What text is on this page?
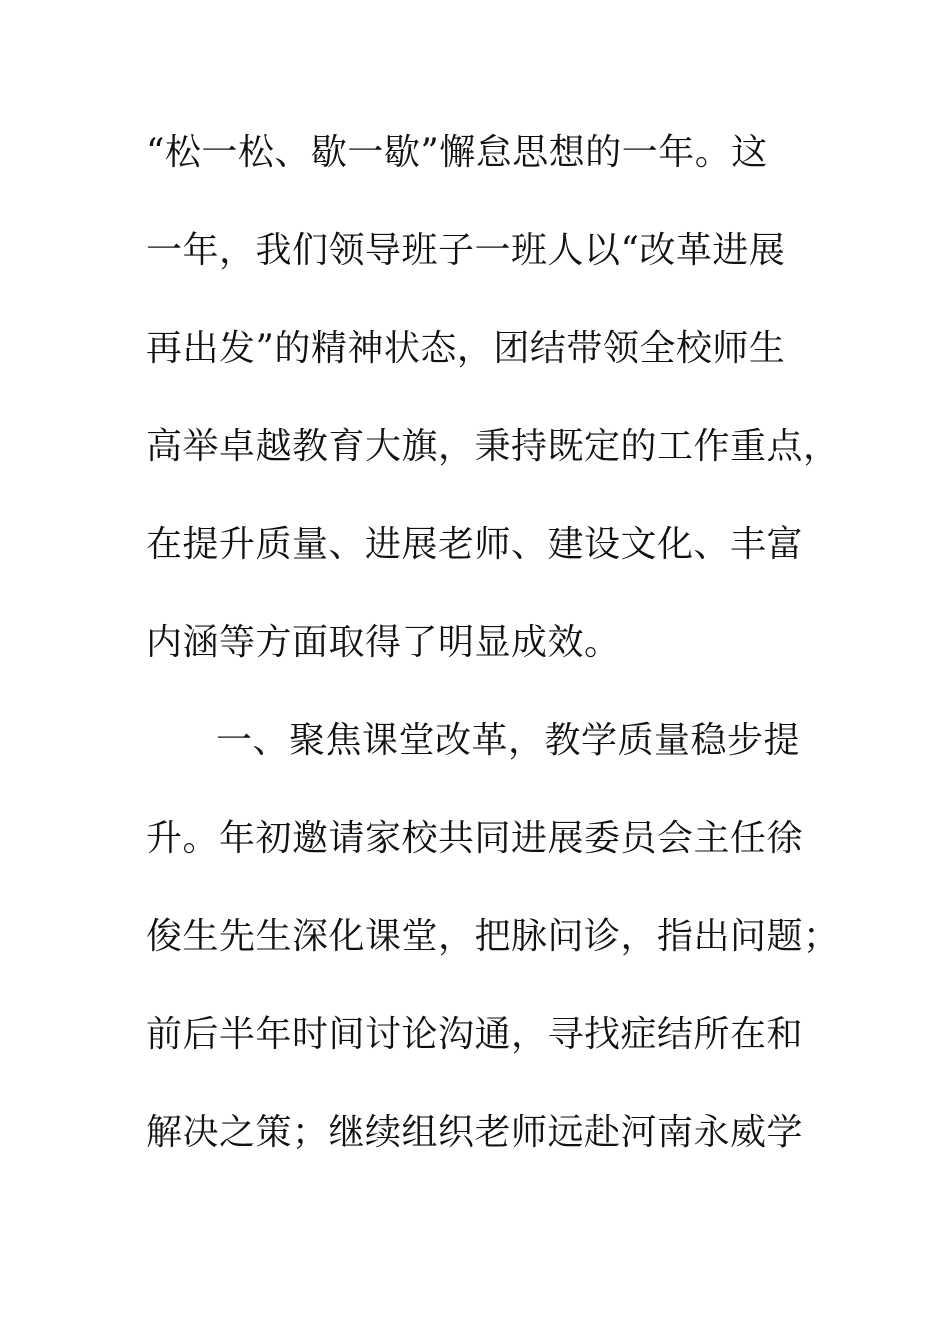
“松一松、歇一歇”懈怠思想的一年。这
一年，我们领导班子一班人以“改革进展
再出发”的精神状态，团结带领全校师生
高举卓越教育大旗，秉持既定的工作重点，
在提升质量、进展老师、建设文化、丰富
内涵等方面取得了明显成效。
一、聚焦课堂改革，教学质量稳步提
升。年初邀请家校共同进展委员会主任徐
俊生先生深化课堂，把脉问诊，指出问题；
前后半年时间讨论沟通，寻找症结所在和
解决之策；继续组织老师远赴河南永威学
